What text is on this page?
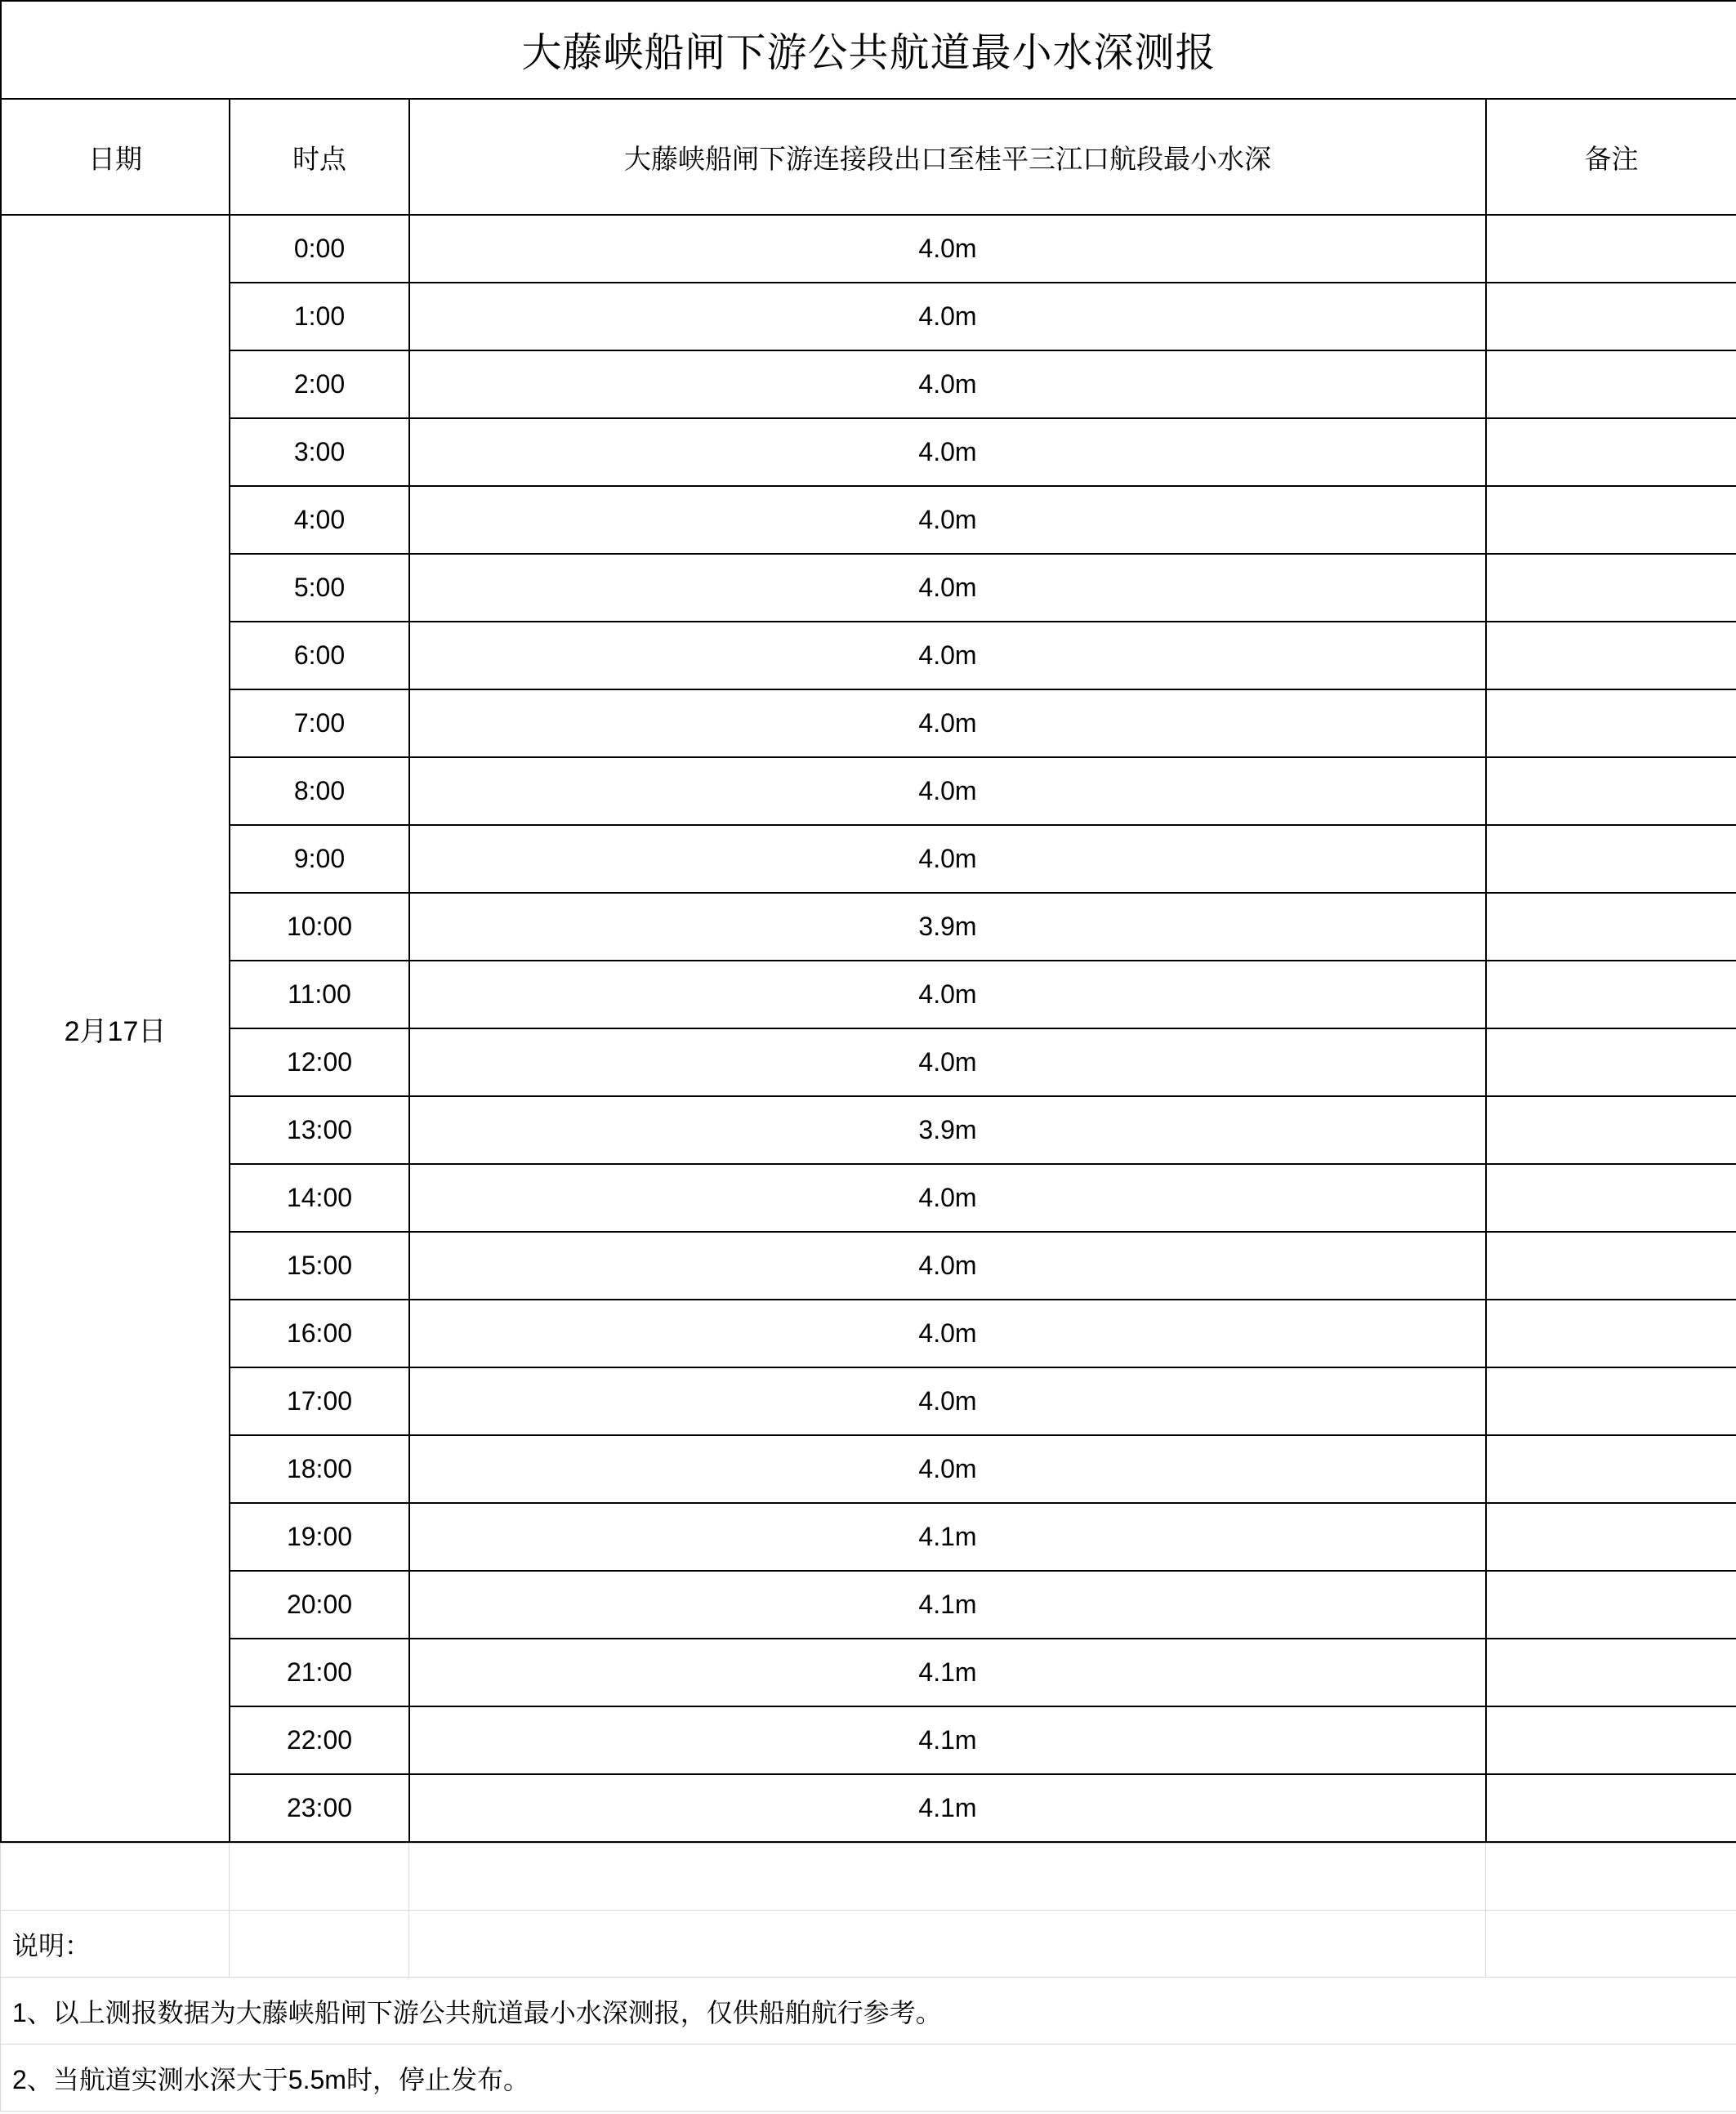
大藤峡船闸下游公共航道最小水深测报			
日期	时点	大藤峡船闸下游连接段出口至桂平三江口航段最小水深	备注
2月17日	0:00	4.0m	
	1:00	4.0m	
	2:00	4.0m	
	3:00	4.0m	
	4:00	4.0m	
	5:00	4.0m	
	6:00	4.0m	
	7:00	4.0m	
	8:00	4.0m	
	9:00	4.0m	
	10:00	3.9m	
	11:00	4.0m	
	12:00	4.0m	
	13:00	3.9m	
	14:00	4.0m	
	15:00	4.0m	
	16:00	4.0m	
	17:00	4.0m	
	18:00	4.0m	
	19:00	4.1m	
	20:00	4.1m	
	21:00	4.1m	
	22:00	4.1m	
	23:00	4.1m	

说明：			
1、以上测报数据为大藤峡船闸下游公共航道最小水深测报，仅供船舶航行参考。			
2、当航道实测水深大于5.5m时，停止发布。			
